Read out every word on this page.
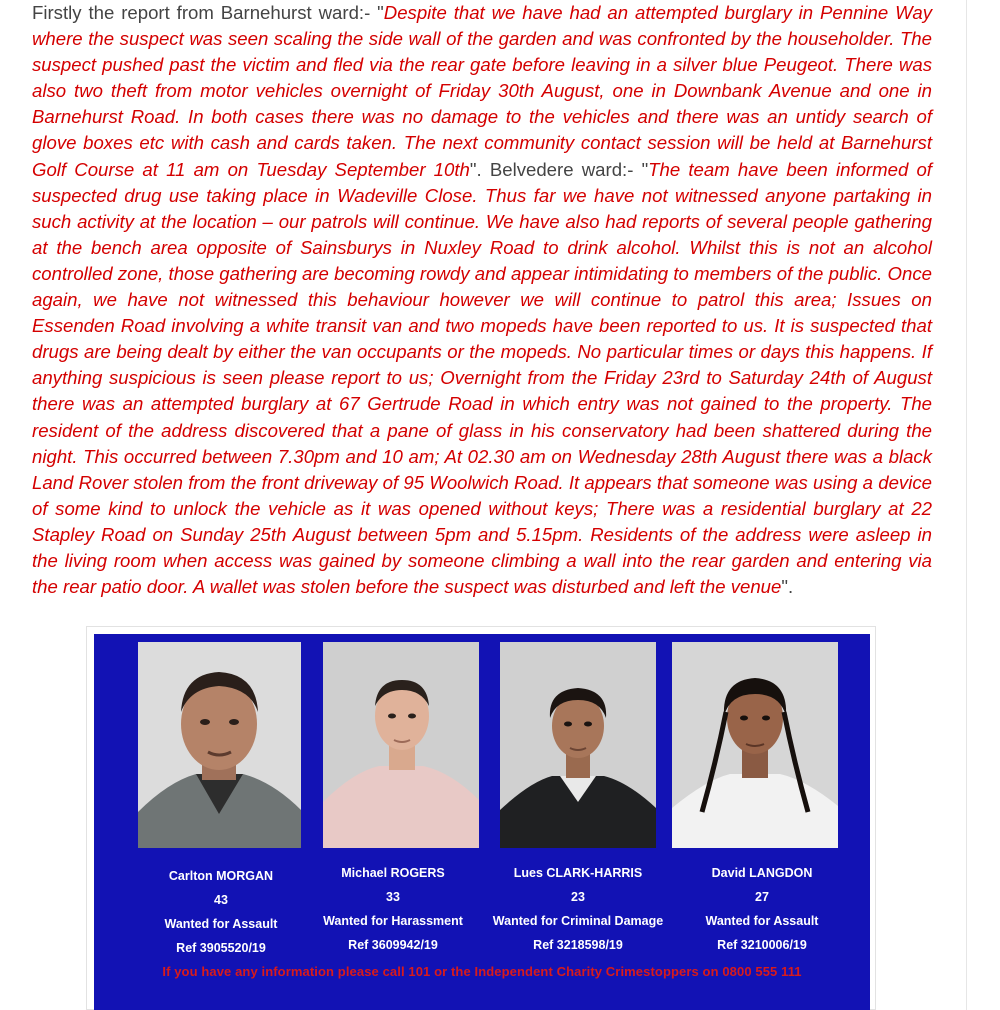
Firstly the report from Barnehurst ward:- "Despite that we have had an attempted burglary in Pennine Way where the suspect was seen scaling the side wall of the garden and was confronted by the householder. The suspect pushed past the victim and fled via the rear gate before leaving in a silver blue Peugeot. There was also two theft from motor vehicles overnight of Friday 30th August, one in Downbank Avenue and one in Barnehurst Road. In both cases there was no damage to the vehicles and there was an untidy search of glove boxes etc with cash and cards taken. The next community contact session will be held at Barnehurst Golf Course at 11 am on Tuesday September 10th". Belvedere ward:- "The team have been informed of suspected drug use taking place in Wadeville Close. Thus far we have not witnessed anyone partaking in such activity at the location – our patrols will continue. We have also had reports of several people gathering at the bench area opposite of Sainsburys in Nuxley Road to drink alcohol. Whilst this is not an alcohol controlled zone, those gathering are becoming rowdy and appear intimidating to members of the public. Once again, we have not witnessed this behaviour however we will continue to patrol this area; Issues on Essenden Road involving a white transit van and two mopeds have been reported to us. It is suspected that drugs are being dealt by either the van occupants or the mopeds. No particular times or days this happens. If anything suspicious is seen please report to us; Overnight from the Friday 23rd to Saturday 24th of August there was an attempted burglary at 67 Gertrude Road in which entry was not gained to the property. The resident of the address discovered that a pane of glass in his conservatory had been shattered during the night. This occurred between 7.30pm and 10 am; At 02.30 am on Wednesday 28th August there was a black Land Rover stolen from the front driveway of 95 Woolwich Road. It appears that someone was using a device of some kind to unlock the vehicle as it was opened without keys; There was a residential burglary at 22 Stapley Road on Sunday 25th August between 5pm and 5.15pm. Residents of the address were asleep in the living room when access was gained by someone climbing a wall into the rear garden and entering via the rear patio door. A wallet was stolen before the suspect was disturbed and left the venue".
Carlton MORGAN
43
Wanted for Assault
Ref 3905520/19
Michael ROGERS
33
Wanted for Harassment
Ref 3609942/19
Lues CLARK-HARRIS
23
Wanted for Criminal Damage
Ref 3218598/19
David LANGDON
27
Wanted for Assault
Ref 3210006/19
If you have any information please call 101 or the Independent Charity Crimestoppers on 0800 555 111
